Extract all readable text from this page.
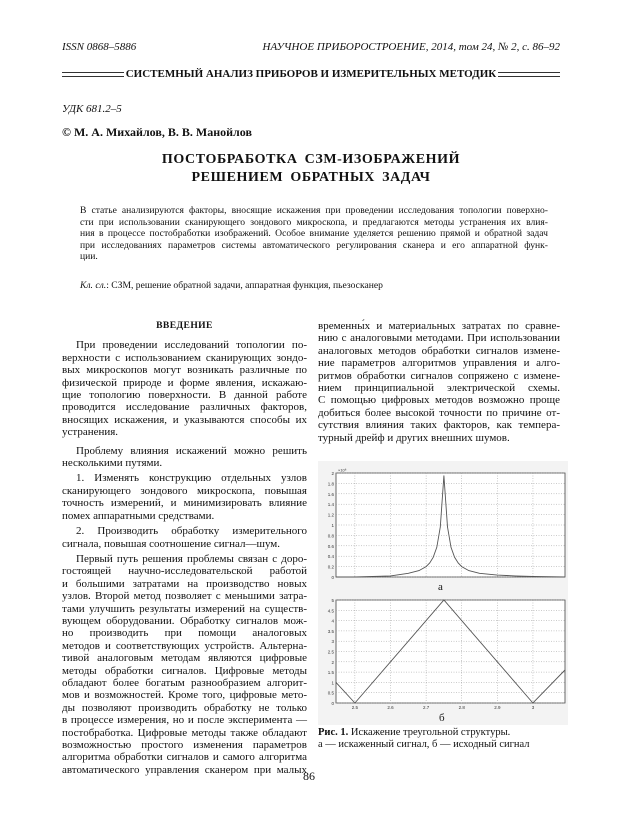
ISSN 0868–5886	НАУЧНОЕ ПРИБОРОСТРОЕНИЕ, 2014, том 24, № 2, с. 86–92
СИСТЕМНЫЙ АНАЛИЗ ПРИБОРОВ И ИЗМЕРИТЕЛЬНЫХ МЕТОДИК
УДК 681.2–5
© М. А. Михайлов, В. В. Манойлов
ПОСТОБРАБОТКА СЗМ-ИЗОБРАЖЕНИЙ
РЕШЕНИЕМ ОБРАТНЫХ ЗАДАЧ
В статье анализируются факторы, вносящие искажения при проведении исследования топологии поверхно-
сти при использовании сканирующего зондового микроскопа, и предлагаются методы устранения их влия-
ния в процессе постобработки изображений. Особое внимание уделяется решению прямой и обратной задач
при исследованиях параметров системы автоматического регулирования сканера и его аппаратной функ-
ции.
Кл. сл.: СЗМ, решение обратной задачи, аппаратная функция, пьезосканер
ВВЕДЕНИЕ
При проведении исследований топологии по-
верхности с использованием сканирующих зондо-
вых микроскопов могут возникать различные по
физической природе и форме явления, искажаю-
щие топологию поверхности. В данной работе
проводится исследование различных факторов,
вносящих искажения, и указываются способы их
устранения.
Проблему влияния искажений можно решить
несколькими путями.
1. Изменять конструкцию отдельных узлов
сканирующего зондового микроскопа, повышая
точность измерений, и минимизировать влияние
помех аппаратными средствами.
2. Производить обработку измерительного
сигнала, повышая соотношение сигнал—шум.
Первый путь решения проблемы связан с доро-
гостоящей научно-исследовательской работой
и большими затратами на производство новых
узлов. Второй метод позволяет с меньшими затра-
тами улучшить результаты измерений на существ-
вующем оборудовании. Обработку сигналов мож-
но производить при помощи аналоговых
методов и соответствующих устройств. Альтерна-
тивой аналоговым методам являются цифровые
методы обработки сигналов. Цифровые методы
обладают более богатым разнообразием алгорит-
мов и возможностей. Кроме того, цифровые мето-
ды позволяют производить обработку не только
в процессе измерения, но и после эксперимента —
постобработка. Цифровые методы также обладают
возможностью простого изменения параметров
алгоритма обработки сигналов и самого алгоритма
автоматического управления сканером при малых
временны́х и материальных затратах по сравне-
нию с аналоговыми методами. При использовании
аналоговых методов обработки сигналов измене-
ние параметров алгоритмов управления и алго-
ритмов обработки сигналов сопряжено с измене-
нием принципиальной электрической схемы.
С помощью цифровых методов возможно проще
добиться более высокой точности по причине от-
сутствия влияния таких факторов, как темпера-
турный дрейф и других внешних шумов.
0
0.2
0.4
0.6
0.8
1
1.2
1.4
1.6
1.8
2
×10⁸
а
0
0.5
1
1.5
2
2.5
3
3.5
4
4.5
5
2.5	2.6	2.7	2.8	2.9	3
б
Рис. 1. Искажение треугольной структуры.
а — искаженный сигнал, б — исходный сигнал
86
